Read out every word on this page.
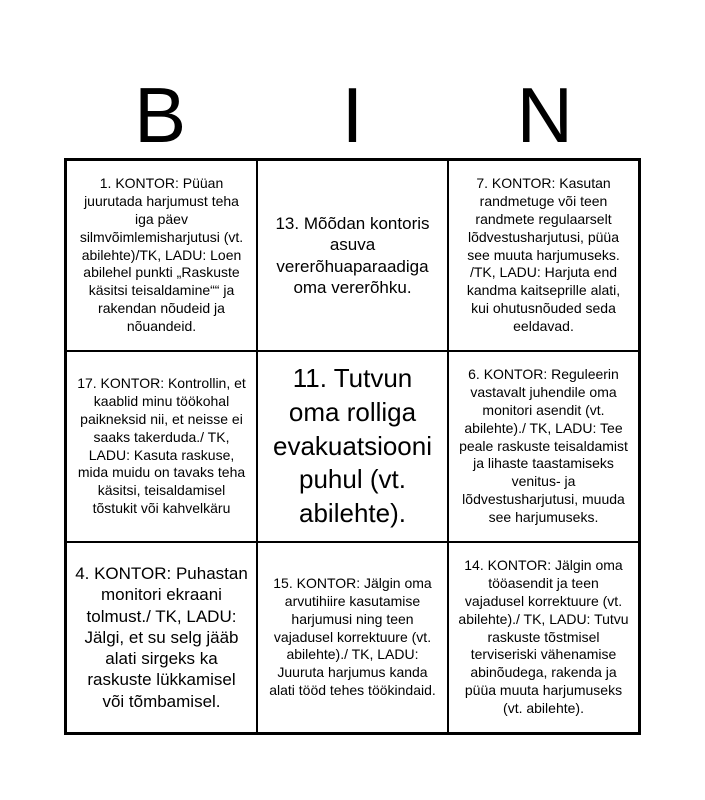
B	I	N
1. KONTOR: Püüan juurutada harjumust teha iga päev silmvõimlemisharjutusi (vt. abilehte)/TK, LADU: Loen abilehel punkti „Raskuste käsitsi teisaldamine““ ja rakendan nõudeid ja nõuandeid.
13. Mõõdan kontoris asuva vererõhuaparaadiga oma vererõhku.
7. KONTOR: Kasutan randmetuge või teen randmete regulaarselt lõdvestusharjutusi, püüa see muuta harjumuseks. /TK, LADU: Harjuta end kandma kaitseprille alati, kui ohutusnõuded seda eeldavad.
17. KONTOR: Kontrollin, et kaablid minu töökohal paikneksid nii, et neisse ei saaks takerduda./ TK, LADU: Kasuta raskuse, mida muidu on tavaks teha käsitsi, teisaldamisel tõstukit või kahvelkäru
11. Tutvun oma rolliga evakuatsiooni puhul (vt. abilehte).
6. KONTOR: Reguleerin vastavalt juhendile oma monitori asendit (vt. abilehte)./ TK, LADU: Tee peale raskuste teisaldamist ja lihaste taastamiseks venitus- ja lõdvestusharjutusi, muuda see harjumuseks.
4. KONTOR: Puhastan monitori ekraani tolmust./ TK, LADU: Jälgi, et su selg jääb alati sirgeks ka raskuste lükkamisel või tõmbamisel.
15. KONTOR: Jälgin oma arvutihiire kasutamise harjumusi ning teen vajadusel korrektuure (vt. abilehte)./ TK, LADU: Juuruta harjumus kanda alati tööd tehes töökindaid.
14. KONTOR: Jälgin oma tööasendit ja teen vajadusel korrektuure (vt. abilehte)./ TK, LADU: Tutvu raskuste tõstmisel terviseriski vähenamise abinõudega, rakenda ja püüa muuta harjumuseks (vt. abilehte).
